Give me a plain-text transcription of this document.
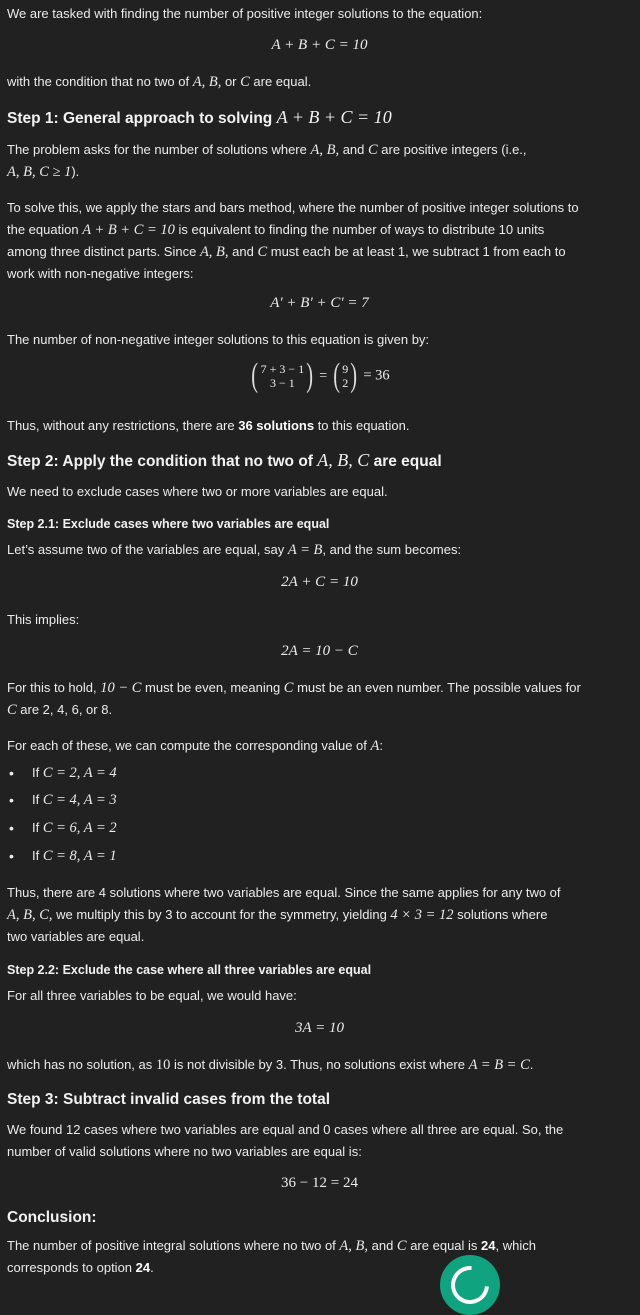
We are tasked with finding the number of positive integer solutions to the equation:
A + B + C = 10
with the condition that no two of A, B, or C are equal.
Step 1: General approach to solving A + B + C = 10
The problem asks for the number of solutions where A, B, and C are positive integers (i.e.,
A, B, C ≥ 1).
To solve this, we apply the stars and bars method, where the number of positive integer solutions to
the equation A + B + C = 10 is equivalent to finding the number of ways to distribute 10 units
among three distinct parts. Since A, B, and C must each be at least 1, we subtract 1 from each to
work with non-negative integers:
A′ + B′ + C′ = 7
The number of non-negative integer solutions to this equation is given by:
( 7 + 3 − 1
3 − 1 ) = ( 9
2 ) = 36
Thus, without any restrictions, there are 36 solutions to this equation.
Step 2: Apply the condition that no two of A, B, C are equal
We need to exclude cases where two or more variables are equal.
Step 2.1: Exclude cases where two variables are equal
Let’s assume two of the variables are equal, say A = B, and the sum becomes:
2A + C = 10
This implies:
2A = 10 − C
For this to hold, 10 − C must be even, meaning C must be an even number. The possible values for
C are 2, 4, 6, or 8.
For each of these, we can compute the corresponding value of A:
• If C = 2, A = 4
• If C = 4, A = 3
• If C = 6, A = 2
• If C = 8, A = 1
Thus, there are 4 solutions where two variables are equal. Since the same applies for any two of
A, B, C, we multiply this by 3 to account for the symmetry, yielding 4 × 3 = 12 solutions where
two variables are equal.
Step 2.2: Exclude the case where all three variables are equal
For all three variables to be equal, we would have:
3A = 10
which has no solution, as 10 is not divisible by 3. Thus, no solutions exist where A = B = C.
Step 3: Subtract invalid cases from the total
We found 12 cases where two variables are equal and 0 cases where all three are equal. So, the
number of valid solutions where no two variables are equal is:
36 − 12 = 24
Conclusion:
The number of positive integral solutions where no two of A, B, and C are equal is 24, which
corresponds to option 24.
